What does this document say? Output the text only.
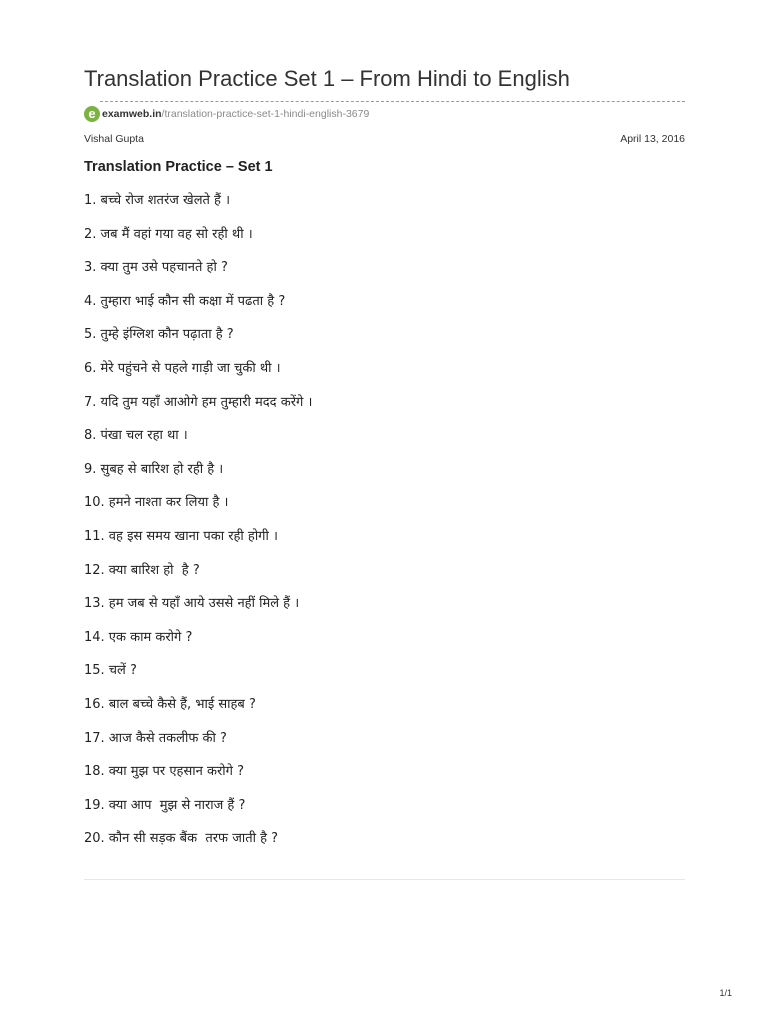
Translation Practice Set 1 – From Hindi to English
e examweb.in /translation-practice-set-1-hindi-english-3679
Vishal Gupta	April 13, 2016
Translation Practice – Set 1
1. बच्चे रोज शतरंज खेलते हैं ।
2. जब मैं वहां गया वह सो रही थी ।
3. क्या तुम उसे पहचानते हो ?
4. तुम्हारा भाई कौन सी कक्षा में पढता है ?
5. तुम्हे इंग्लिश कौन पढ़ाता है ?
6. मेरे पहुंचने से पहले गाड़ी जा चुकी थी ।
7. यदि तुम यहाँ आओगे हम तुम्हारी मदद करेंगे ।
8. पंखा चल रहा था ।
9. सुबह से बारिश हो रही है ।
10. हमने नाश्ता कर लिया है ।
11. वह इस समय खाना पका रही होगी ।
12. क्या बारिश हो  है ?
13. हम जब से यहाँ आये उससे नहीं मिले हैं ।
14. एक काम करोगे ?
15. चलें ?
16. बाल बच्चे कैसे हैं, भाई साहब ?
17. आज कैसे तकलीफ की ?
18. क्या मुझ पर एहसान करोगे ?
19. क्या आप  मुझ से नाराज हैं ?
20. कौन सी सड़क बैंक  तरफ जाती है ?
1/1
